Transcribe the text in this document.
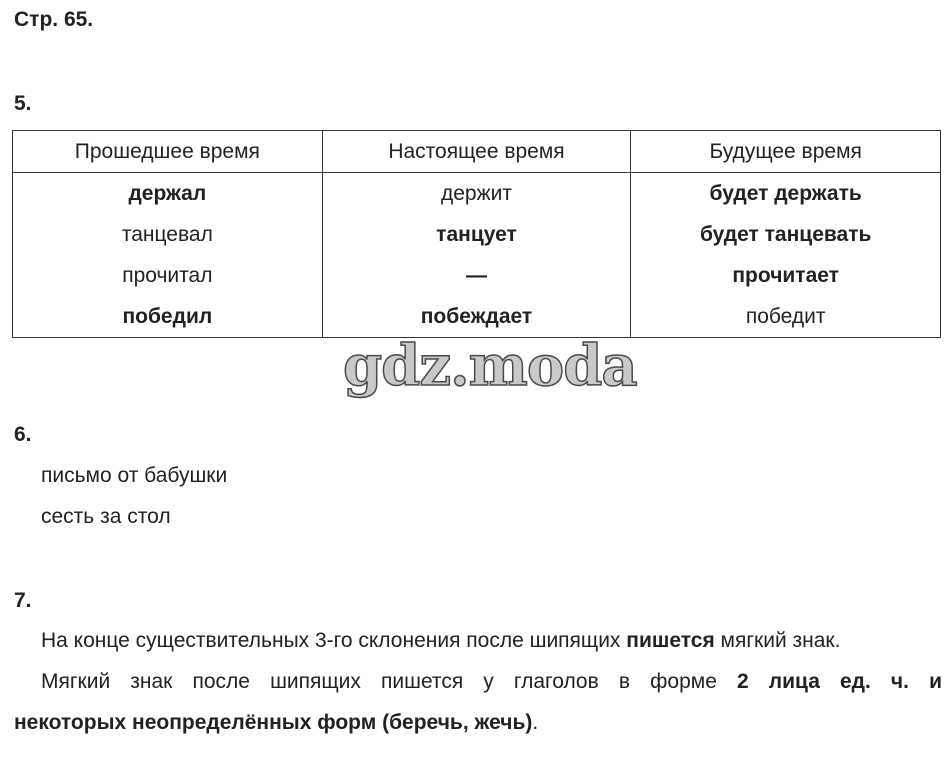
Стр. 65.
5.
Прошедшее время	Настоящее время	Будущее время
держал	держит	будет держать
танцевал	танцует	будет танцевать
прочитал	—	прочитает
победил	побеждает	победит
gdz.moda
6.
письмо от бабушки
сесть за стол
7.
На конце существительных 3-го склонения после шипящих пишется мягкий знак.
Мягкий знак после шипящих пишется у глаголов в форме 2 лица ед. ч. и
некоторых неопределённых форм (беречь, жечь).
